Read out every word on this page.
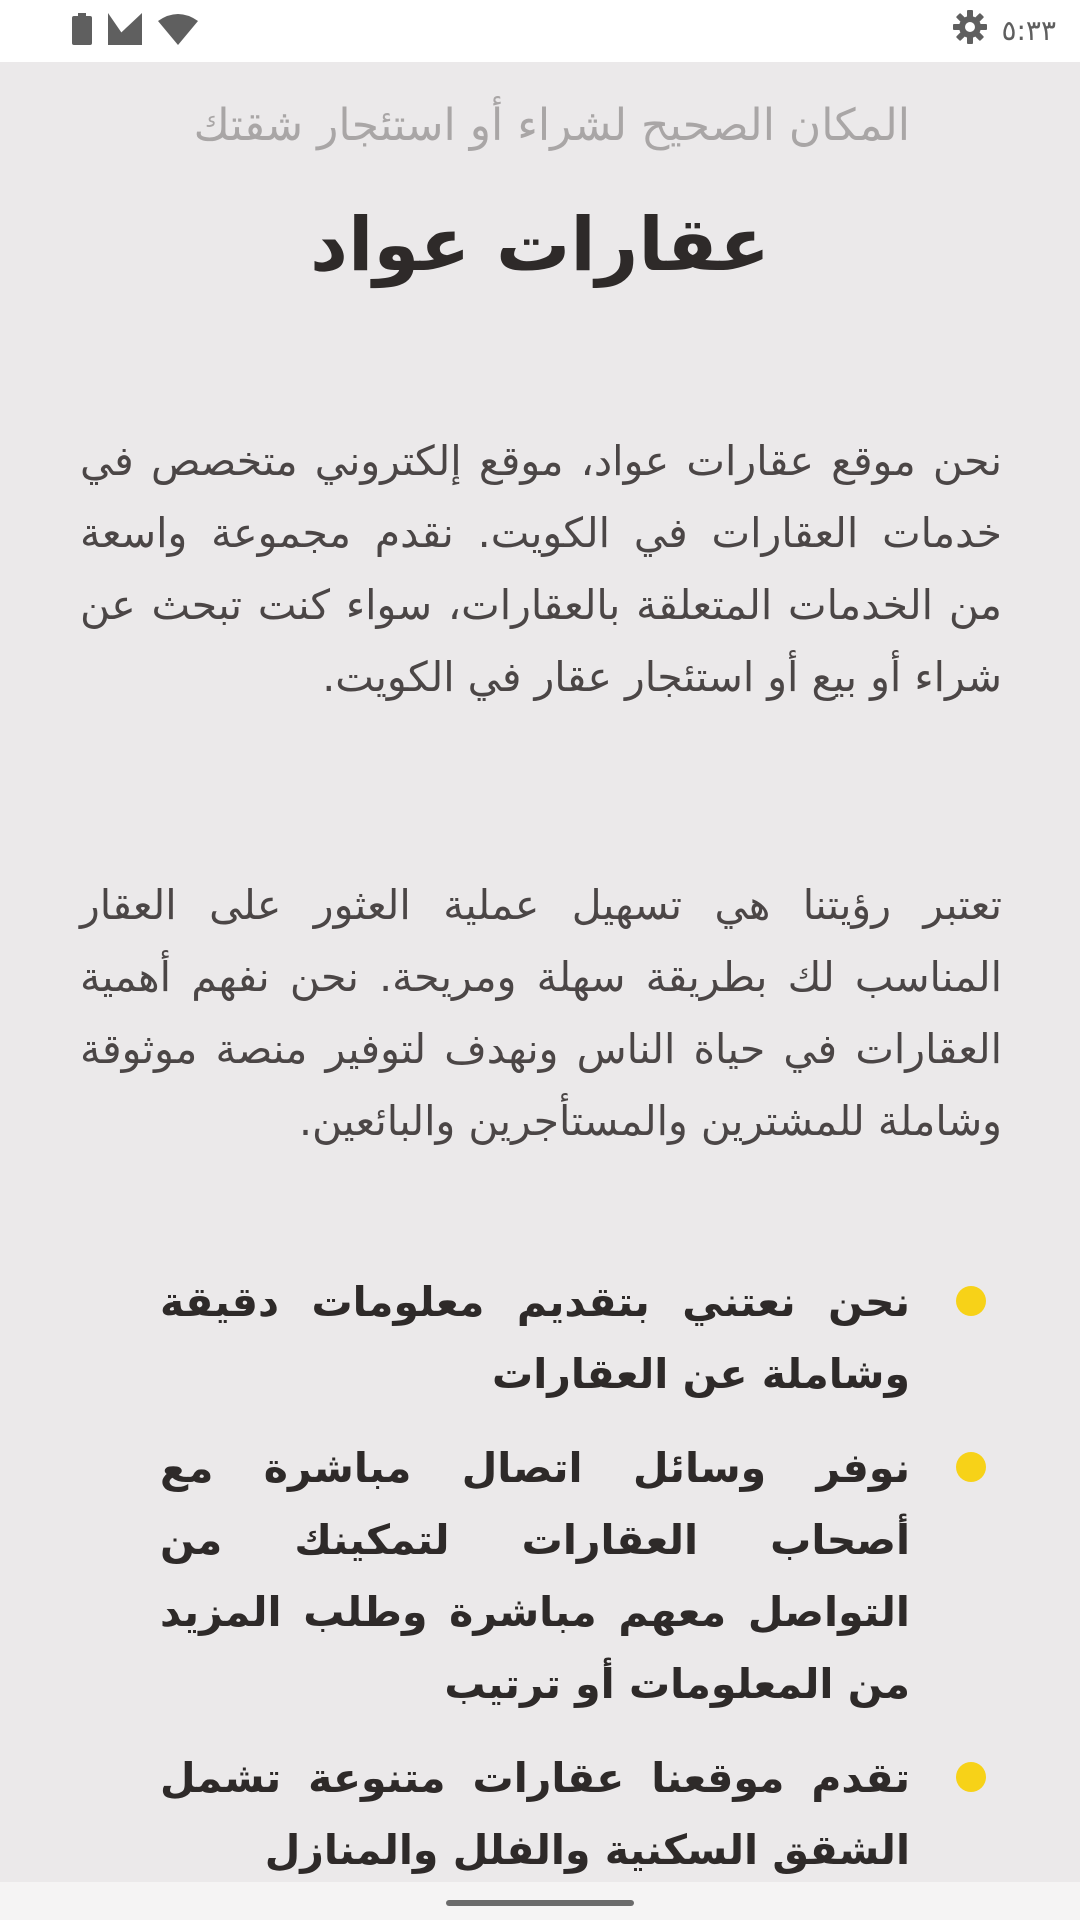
٥:٣٣
المكان الصحيح لشراء أو استئجار شقتك
عقارات عواد

نحن موقع عقارات عواد، موقع إلكتروني متخصص في خدمات العقارات في الكويت. نقدم مجموعة واسعة من الخدمات المتعلقة بالعقارات، سواء كنت تبحث عن شراء أو بيع أو استئجار عقار في الكويت.

تعتبر رؤيتنا هي تسهيل عملية العثور على العقار المناسب لك بطريقة سهلة ومريحة. نحن نفهم أهمية العقارات في حياة الناس ونهدف لتوفير منصة موثوقة وشاملة للمشترين والمستأجرين والبائعين.

نحن نعتني بتقديم معلومات دقيقة وشاملة عن العقارات
نوفر وسائل اتصال مباشرة مع أصحاب العقارات لتمكينك من التواصل معهم مباشرة وطلب المزيد من المعلومات أو ترتيب
تقدم موقعنا عقارات متنوعة تشمل الشقق السكنية والفلل والمنازل
